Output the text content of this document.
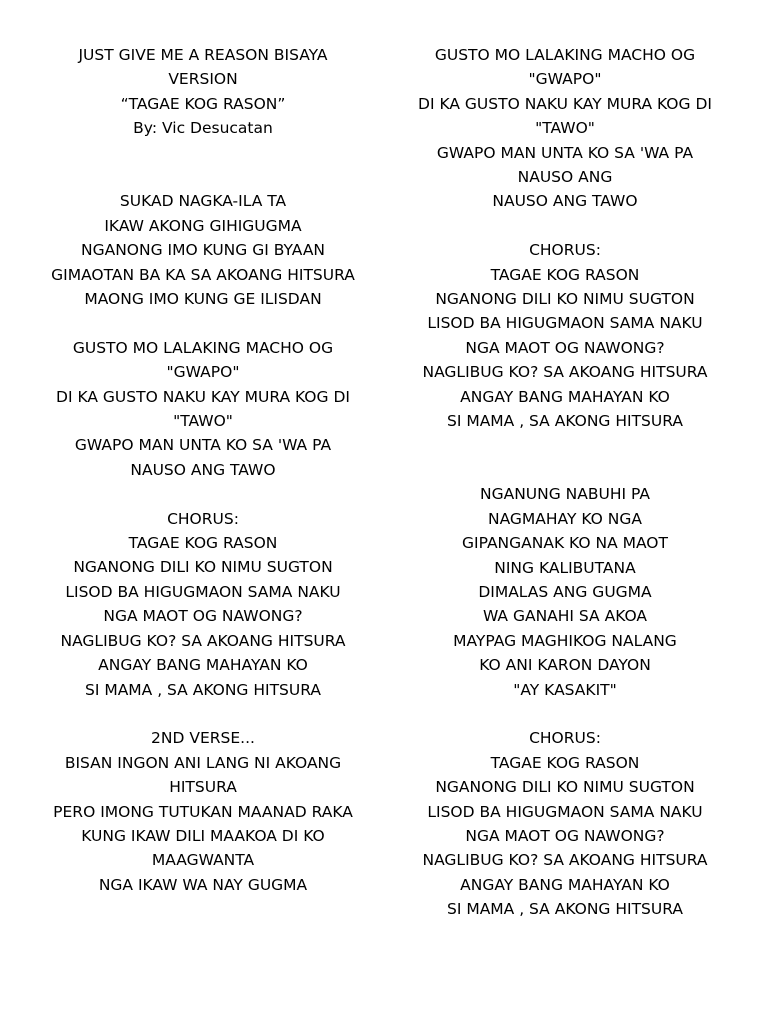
JUST GIVE ME A REASON BISAYA
VERSION
“TAGAE KOG RASON”
By: Vic Desucatan
SUKAD NAGKA-ILA TA
IKAW AKONG GIHIGUGMA
NGANONG IMO KUNG GI BYAAN
GIMAOTAN BA KA SA AKOANG HITSURA
MAONG IMO KUNG GE ILISDAN
GUSTO MO LALAKING MACHO OG
"GWAPO"
DI KA GUSTO NAKU KAY MURA KOG DI
"TAWO"
GWAPO MAN UNTA KO SA 'WA PA
NAUSO ANG TAWO
CHORUS:
TAGAE KOG RASON
NGANONG DILI KO NIMU SUGTON
LISOD BA HIGUGMAON SAMA NAKU
NGA MAOT OG NAWONG?
NAGLIBUG KO? SA AKOANG HITSURA
ANGAY BANG MAHAYAN KO
SI MAMA , SA AKONG HITSURA
2ND VERSE...
BISAN INGON ANI LANG NI AKOANG
HITSURA
PERO IMONG TUTUKAN MAANAD RAKA
KUNG IKAW DILI MAAKOA DI KO
MAAGWANTA
NGA IKAW WA NAY GUGMA
GUSTO MO LALAKING MACHO OG
"GWAPO"
DI KA GUSTO NAKU KAY MURA KOG DI
"TAWO"
GWAPO MAN UNTA KO SA 'WA PA
NAUSO ANG
NAUSO ANG TAWO
CHORUS:
TAGAE KOG RASON
NGANONG DILI KO NIMU SUGTON
LISOD BA HIGUGMAON SAMA NAKU
NGA MAOT OG NAWONG?
NAGLIBUG KO? SA AKOANG HITSURA
ANGAY BANG MAHAYAN KO
SI MAMA , SA AKONG HITSURA
NGANUNG NABUHI PA
NAGMAHAY KO NGA
GIPANGANAK KO NA MAOT
NING KALIBUTANA
DIMALAS ANG GUGMA
WA GANAHI SA AKOA
MAYPAG MAGHIKOG NALANG
KO ANI KARON DAYON
"AY KASAKIT"
CHORUS:
TAGAE KOG RASON
NGANONG DILI KO NIMU SUGTON
LISOD BA HIGUGMAON SAMA NAKU
NGA MAOT OG NAWONG?
NAGLIBUG KO? SA AKOANG HITSURA
ANGAY BANG MAHAYAN KO
SI MAMA , SA AKONG HITSURA
